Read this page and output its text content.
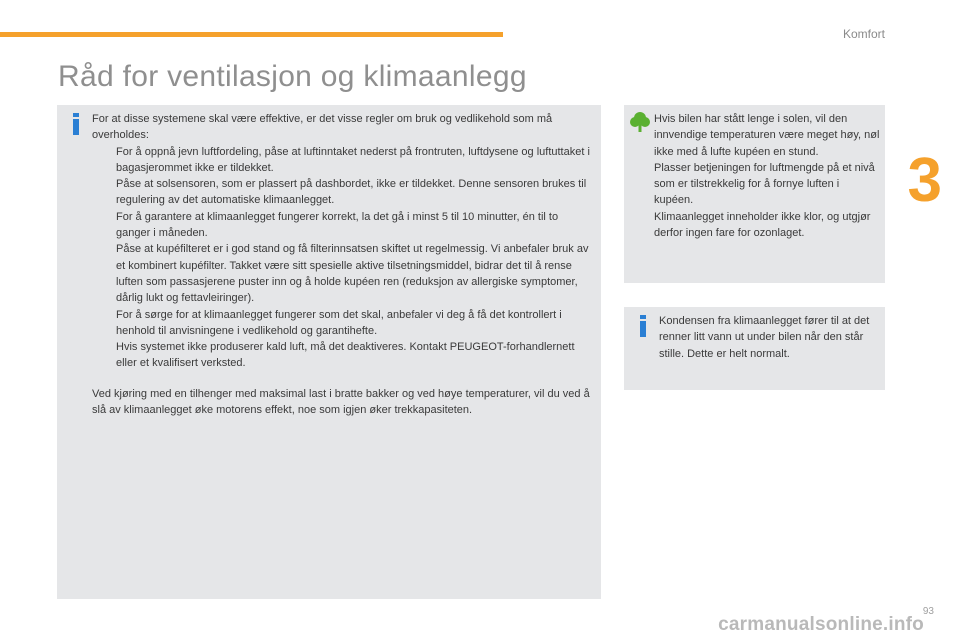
Komfort
3
Råd for ventilasjon og klimaanlegg

For at disse systemene skal være effektive, er det visse regler om bruk og vedlikehold som må overholdes:

For å oppnå jevn luftfordeling, påse at luftinntaket nederst på frontruten, luftdysene og luftuttaket i bagasjerommet ikke er tildekket.
Påse at solsensoren, som er plassert på dashbordet, ikke er tildekket. Denne sensoren brukes til regulering av det automatiske klimaanlegget.
For å garantere at klimaanlegget fungerer korrekt, la det gå i minst 5 til 10 minutter, én til to ganger i måneden.
Påse at kupéfilteret er i god stand og få filterinnsatsen skiftet ut regelmessig. Vi anbefaler bruk av et kombinert kupéfilter. Takket være sitt spesielle aktive tilsetningsmiddel, bidrar det til å rense luften som passasjerene puster inn og å holde kupéen ren (reduksjon av allergiske symptomer, dårlig lukt og fettavleiringer).
For å sørge for at klimaanlegget fungerer som det skal, anbefaler vi deg å få det kontrollert i henhold til anvisningene i vedlikehold og garantihefte.
Hvis systemet ikke produserer kald luft, må det deaktiveres. Kontakt PEUGEOT-forhandlernett eller et kvalifisert verksted.

Ved kjøring med en tilhenger med maksimal last i bratte bakker og ved høye temperaturer, vil du ved å slå av klimaanlegget øke motorens effekt, noe som igjen øker trekkapasiteten.

Hvis bilen har stått lenge i solen, vil den innvendige temperaturen være meget høy, nøl ikke med å lufte kupéen en stund.

Plasser betjeningen for luftmengde på et nivå som er tilstrekkelig for å fornye luften i kupéen.

Klimaanlegget inneholder ikke klor, og utgjør derfor ingen fare for ozonlaget.

Kondensen fra klimaanlegget fører til at det renner litt vann ut under bilen når den står stille. Dette er helt normalt.
93
carmanualsonline.info
